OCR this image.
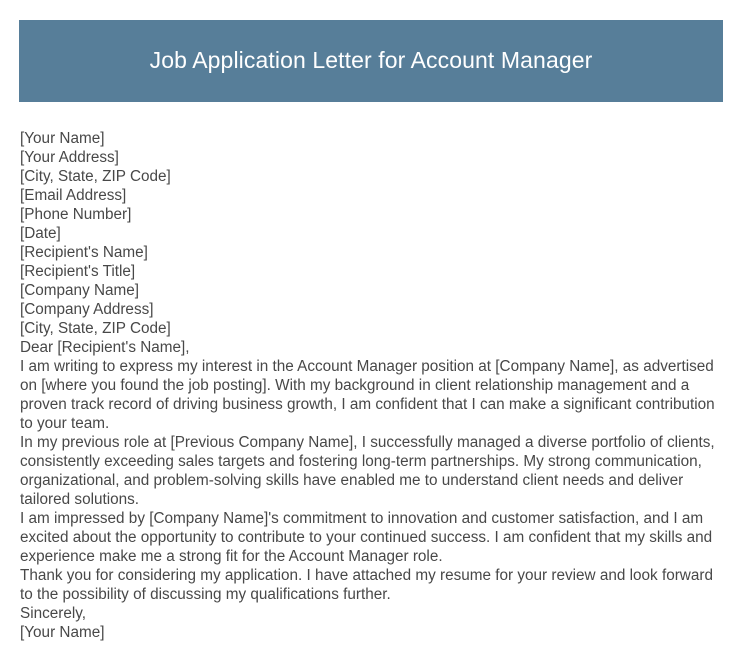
Job Application Letter for Account Manager
[Your Name]
[Your Address]
[City, State, ZIP Code]
[Email Address]
[Phone Number]
[Date]
[Recipient's Name]
[Recipient's Title]
[Company Name]
[Company Address]
[City, State, ZIP Code]
Dear [Recipient's Name],
I am writing to express my interest in the Account Manager position at [Company Name], as advertised on [where you found the job posting]. With my background in client relationship management and a proven track record of driving business growth, I am confident that I can make a significant contribution to your team.
In my previous role at [Previous Company Name], I successfully managed a diverse portfolio of clients, consistently exceeding sales targets and fostering long-term partnerships. My strong communication, organizational, and problem-solving skills have enabled me to understand client needs and deliver tailored solutions.
I am impressed by [Company Name]'s commitment to innovation and customer satisfaction, and I am excited about the opportunity to contribute to your continued success. I am confident that my skills and experience make me a strong fit for the Account Manager role.
Thank you for considering my application. I have attached my resume for your review and look forward to the possibility of discussing my qualifications further.
Sincerely,
[Your Name]
